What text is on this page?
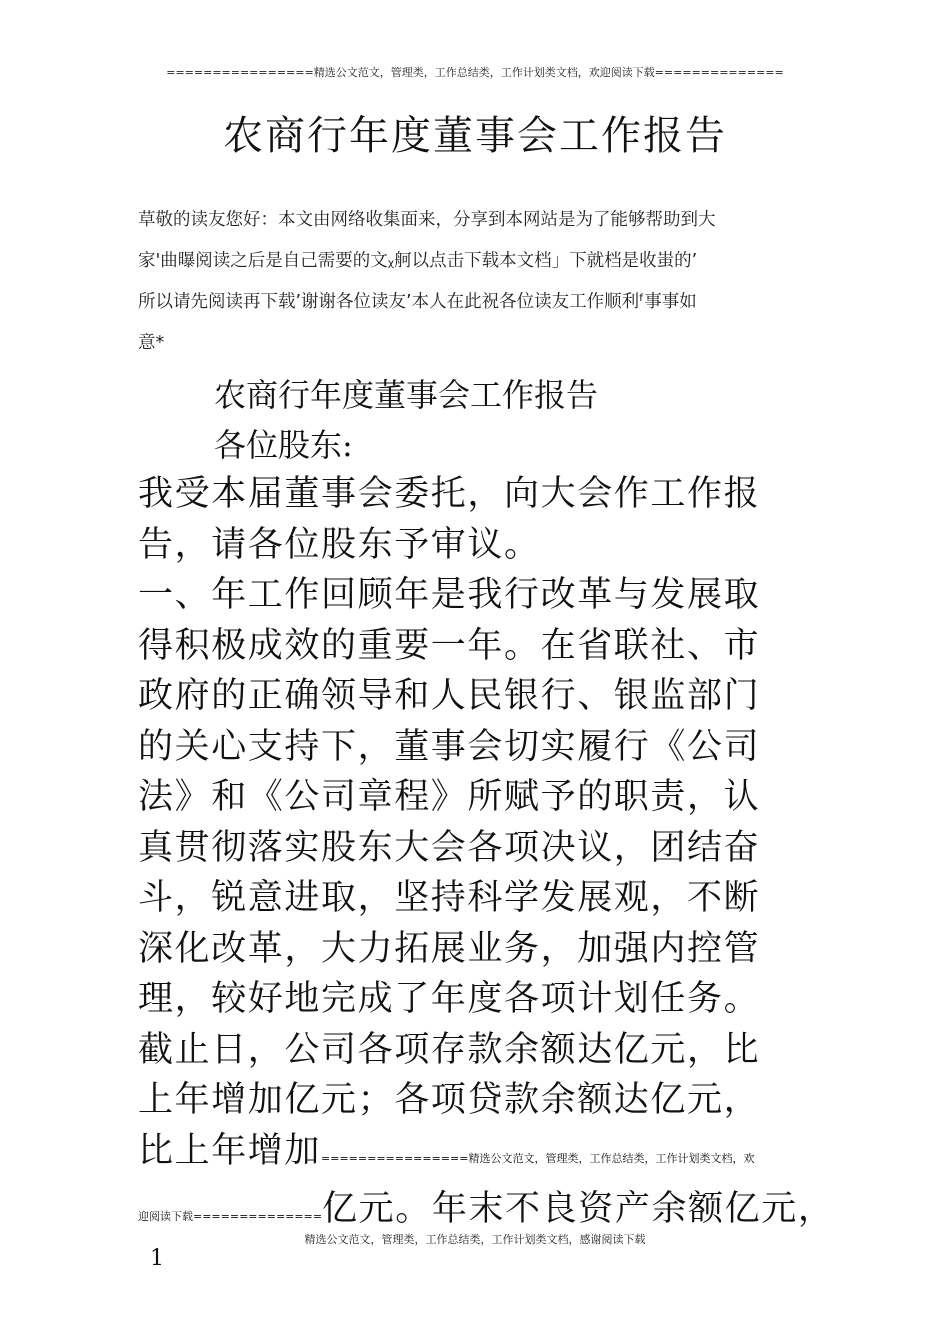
================精选公文范文，管理类，工作总结类，工作计划类文档，欢迎阅读下载==============
农商行年度董事会工作报告
草敬的读友您好：本文由网络收集面来，分享到本网站是为了能够帮助到大
家'曲曝阅读之后是自己需要的文ᵪ舸以点击下载本文档」下就档是收蚩的’
所以请先阅读再下载’谢谢各位读友’本人在此祝各位读友工作顺利ᶠ事事如
意*
农商行年度董事会工作报告
各位股东:
我受本届董事会委托，向大会作工作报
告，请各位股东予审议。
一、年工作回顾年是我行改革与发展取
得积极成效的重要一年。在省联社、市
政府的正确领导和人民银行、银监部门
的关心支持下，董事会切实履行《公司
法》和《公司章程》所赋予的职责，认
真贯彻落实股东大会各项决议，团结奋
斗，锐意进取，坚持科学发展观，不断
深化改革，大力拓展业务，加强内控管
理，较好地完成了年度各项计划任务。
截止日，公司各项存款余额达亿元，比
上年增加亿元；各项贷款余额达亿元，
比上年增加================精选公文范文，管理类，工作总结类，工作计划类文档，欢
迎阅读下载==============亿元。年末不良资产余额亿元，
精选公文范文，管理类，工作总结类，工作计划类文档，感谢阅读下载
1
